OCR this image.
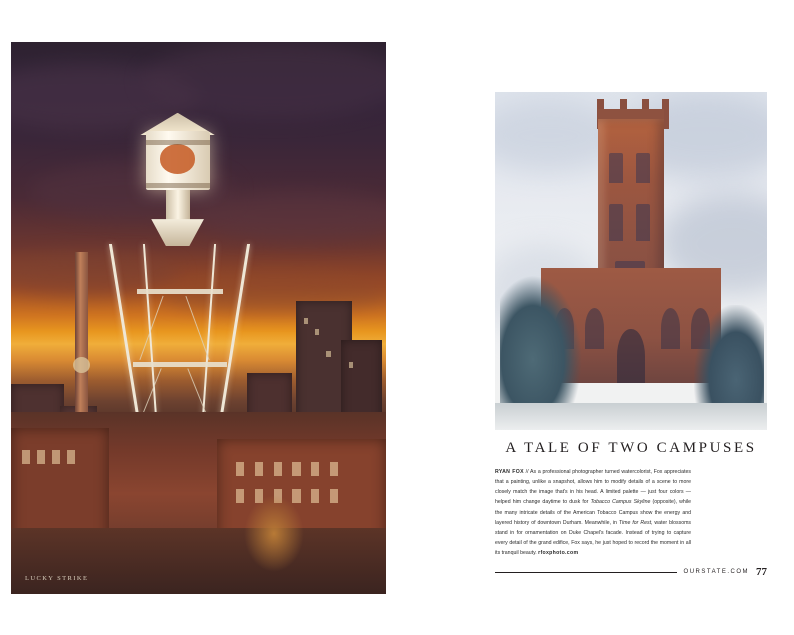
LUCKY STRIKE
A TALE OF TWO CAMPUSES
RYAN FOX // As a professional photographer turned watercolorist, Fox appreciates that a painting, unlike a snapshot, allows him to modify details of a scene to more closely match the image that's in his head. A limited palette — just four colors — helped him change daytime to dusk for Tobacco Campus Skyline (opposite), while the many intricate details of the American Tobacco Campus show the energy and layered history of downtown Durham. Meanwhile, in Time for Rest, water blossoms stand in for ornamentation on Duke Chapel's facade. Instead of trying to capture every detail of the grand edifice, Fox says, he just hoped to record the moment in all its tranquil beauty. rfoxphoto.com
OURSTATE.COM 77
